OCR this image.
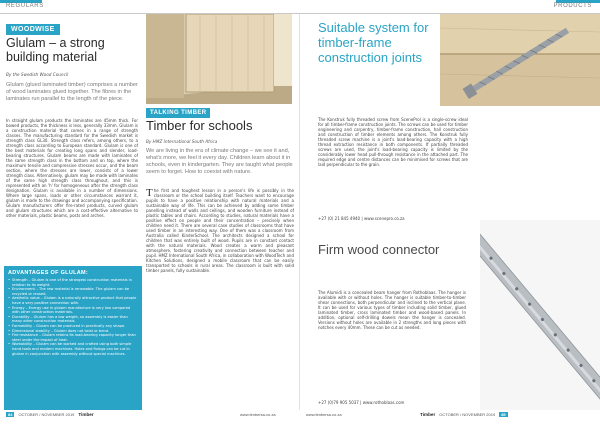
REGULARS	PRODUCTS
WOODWISE
Glulam – a strong building material
By the Swedish Wood Council
Glulam (glued laminated timber) comprises a number of wood laminates glued together. The fibres in the laminates run parallel to the length of the piece.
In straight glulam products the laminates are 45mm thick. For bowed products, the thickness is less, generally 33mm. Glulam is a construction material that comes in a range of strength classes. The manufacturing standard for the Swedish market is strength class GL30. Strength class refers, among others, to a strength class according to European standard. Glulam is one of the best materials for creating long spans and slender, load-bearing structures. Glulam beams are made with laminates of the same strength class in the bottom and on top, where the maximum tensile and compressive stresses occur, and the beam section, where the stresses are lower, consists of a lower strength class. Alternatively, glulam may be made with laminates of the same high strength class throughout, and this is represented with an 'h' for homogeneous after the strength class designation. Glulam is available in a number of dimensions. Where large spans, loads or other circumstances warrant it, glulam is made to the drawings and accompanying specification. Glulam manufacturers offer fire-rated products, curved glulam and glulam structures which are a cost-effective alternative to other materials, plastic beams, posts and arches.
ADVANTAGES OF GLULAM:
• Strength – Glulam is one of the strongest construction materials in relation to its weight.
• Environment – The raw material is renewable. The glulam can be recycled or reused.
• Aesthetic value – Glulam is a naturally attractive product that people have a very positive connection with.
• Energy – Energy use in glulam manufacture is very low compared with other construction materials.
• Durability – Glulam has a low weight, so assembly is easier than many other construction materials.
• Formability – Glulam can be produced in practically any shape.
• Dimensional stability – Glulam does not twist or bend.
• Fire resistance – Glulam retains its load-bearing capacity longer than steel under the impact of heat.
• Workability – Glulam can be worked and crafted using both simple hand tools and modern machines. Holes and fixings can be cut in glulam in conjunction with assembly without special machines.
TALKING TIMBER
Timber for schools
By HMZ International South Africa
We are living in the era of climate change – we see it and, what's more, we feel it every day. Children learn about it in schools, even in kindergarten. They are taught what people seem to forget. How to coexist with nature.
The first and toughest lesson in a person's life is possibly in the classroom or the school building itself. Teachers want to encourage pupils to have a positive relationship with natural materials and a sustainable way of life. This can be achieved by adding some timber panelling instead of walls and ceilings, and wooden furniture instead of plastic tables and chairs. According to studies, natural materials have a positive effect on people and their concentration – precisely when children need it. There are several case studies of classrooms that have used timber in an interesting way. One of them was a classroom from Australia called KinderSchool. The architects designed a school for children that was entirely built of wood. Pupils are in constant contact with the natural materials. Wood creates a warm and pleasant atmosphere, fostering creativity and connection between teacher and pupil. HMZ International South Africa, in collaboration with WoodTech and Kitchen Solutions, designed a mobile classroom that can be easily transported to schools in rural areas. The classroom is built with solid timber panels, fully sustainable.
Suitable system for timber-frame construction joints
The Konstruk fully threaded screw from SceneProl is a single-screw ideal for all timber-frame construction joints. The screws can be used for timber engineering and carpentry, timber-frame construction, hall construction and construction of timber elements among others. The Konstruk fully threaded screw machine is a joint's load-bearing capacity with a high thread extraction resistance in both components. If partially threaded screws are used, the joint's load-bearing capacity is limited by the considerably lower head pull-through resistance in the attached part. The required edge and centre distances can be minimised for screws that are laid perpendicular to the grain.
+27 (0) 21 845 4940 | www.scenepro.co.za
Firm wood connector
The Alumidi is a concealed beam hanger from Rothoblaas. The hanger is available with or without holes. The hanger is suitable timber-to-timber shear connections, both perpendicular and inclined to the vertical plane. It can be used for various types of timber including solid timber, glued laminated timber, cross laminated timber and wood-based panels. In addition, optional self-drilling dowels mean the hanger is concealed. Versions without holes are available in 2 strengths and long pieces with notches every 40mm. These can be cut as needed.
+27 (0)79 905 5037 | www.rothoblaas.com
84	OCTOBER / NOVEMBER 2019 Timber	www.timbersa.co.za	www.timbersa.co.za	Timber OCTOBER / NOVEMBER 2019	85
